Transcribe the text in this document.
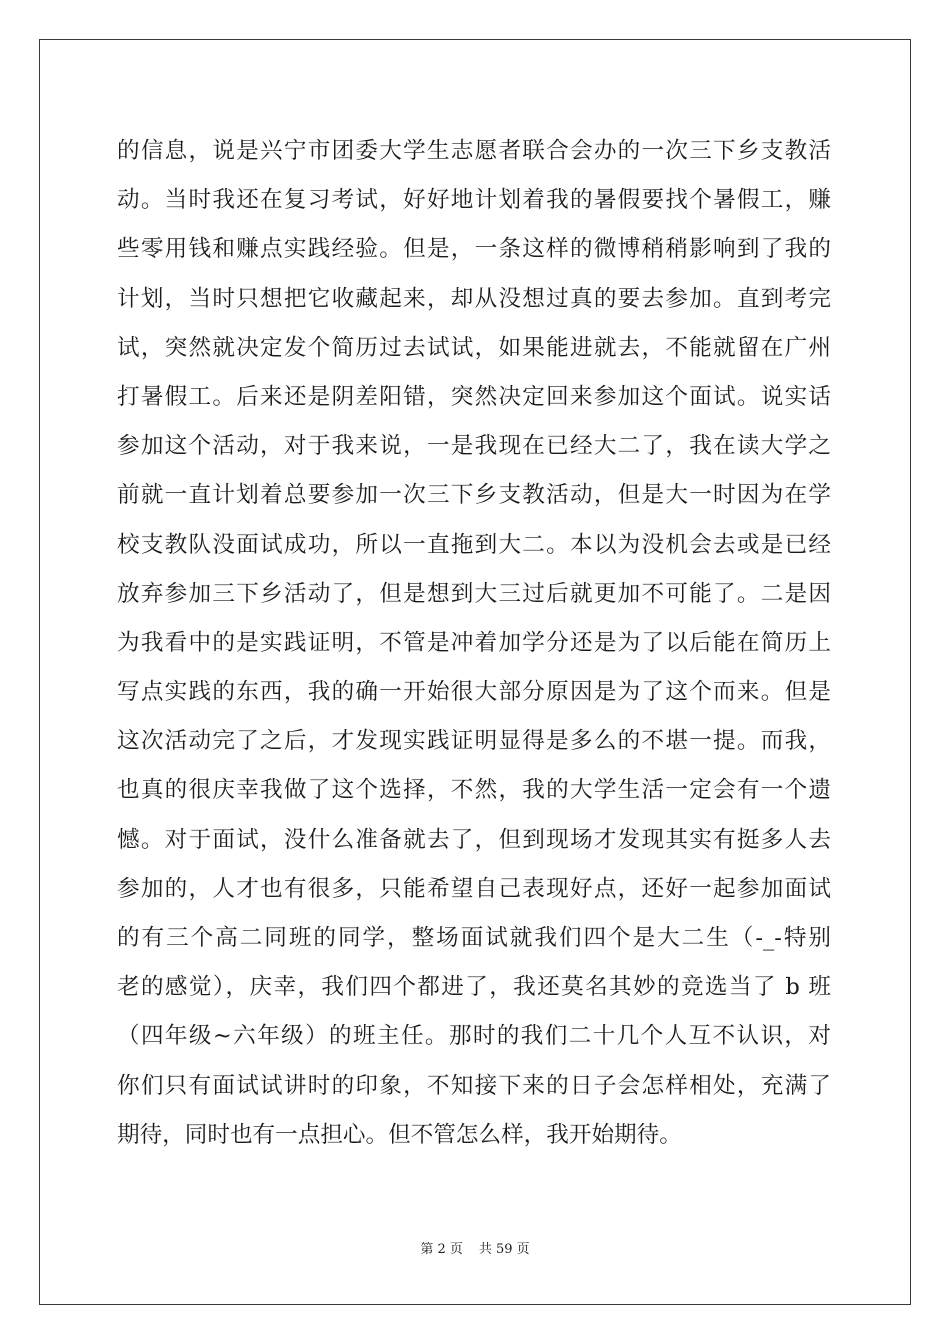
的信息，说是兴宁市团委大学生志愿者联合会办的一次三下乡支教活
动。当时我还在复习考试，好好地计划着我的暑假要找个暑假工，赚
些零用钱和赚点实践经验。但是，一条这样的微博稍稍影响到了我的
计划，当时只想把它收藏起来，却从没想过真的要去参加。直到考完
试，突然就决定发个简历过去试试，如果能进就去，不能就留在广州
打暑假工。后来还是阴差阳错，突然决定回来参加这个面试。说实话
参加这个活动，对于我来说，一是我现在已经大二了，我在读大学之
前就一直计划着总要参加一次三下乡支教活动，但是大一时因为在学
校支教队没面试成功，所以一直拖到大二。本以为没机会去或是已经
放弃参加三下乡活动了，但是想到大三过后就更加不可能了。二是因
为我看中的是实践证明，不管是冲着加学分还是为了以后能在简历上
写点实践的东西，我的确一开始很大部分原因是为了这个而来。但是
这次活动完了之后，才发现实践证明显得是多么的不堪一提。而我，
也真的很庆幸我做了这个选择，不然，我的大学生活一定会有一个遗
憾。对于面试，没什么准备就去了，但到现场才发现其实有挺多人去
参加的，人才也有很多，只能希望自己表现好点，还好一起参加面试
的有三个高二同班的同学，整场面试就我们四个是大二生（-_-特别
老的感觉），庆幸，我们四个都进了，我还莫名其妙的竞选当了 b 班
（四年级~六年级）的班主任。那时的我们二十几个人互不认识，对
你们只有面试试讲时的印象，不知接下来的日子会怎样相处，充满了
期待，同时也有一点担心。但不管怎么样，我开始期待。
第 2 页 共 59 页
